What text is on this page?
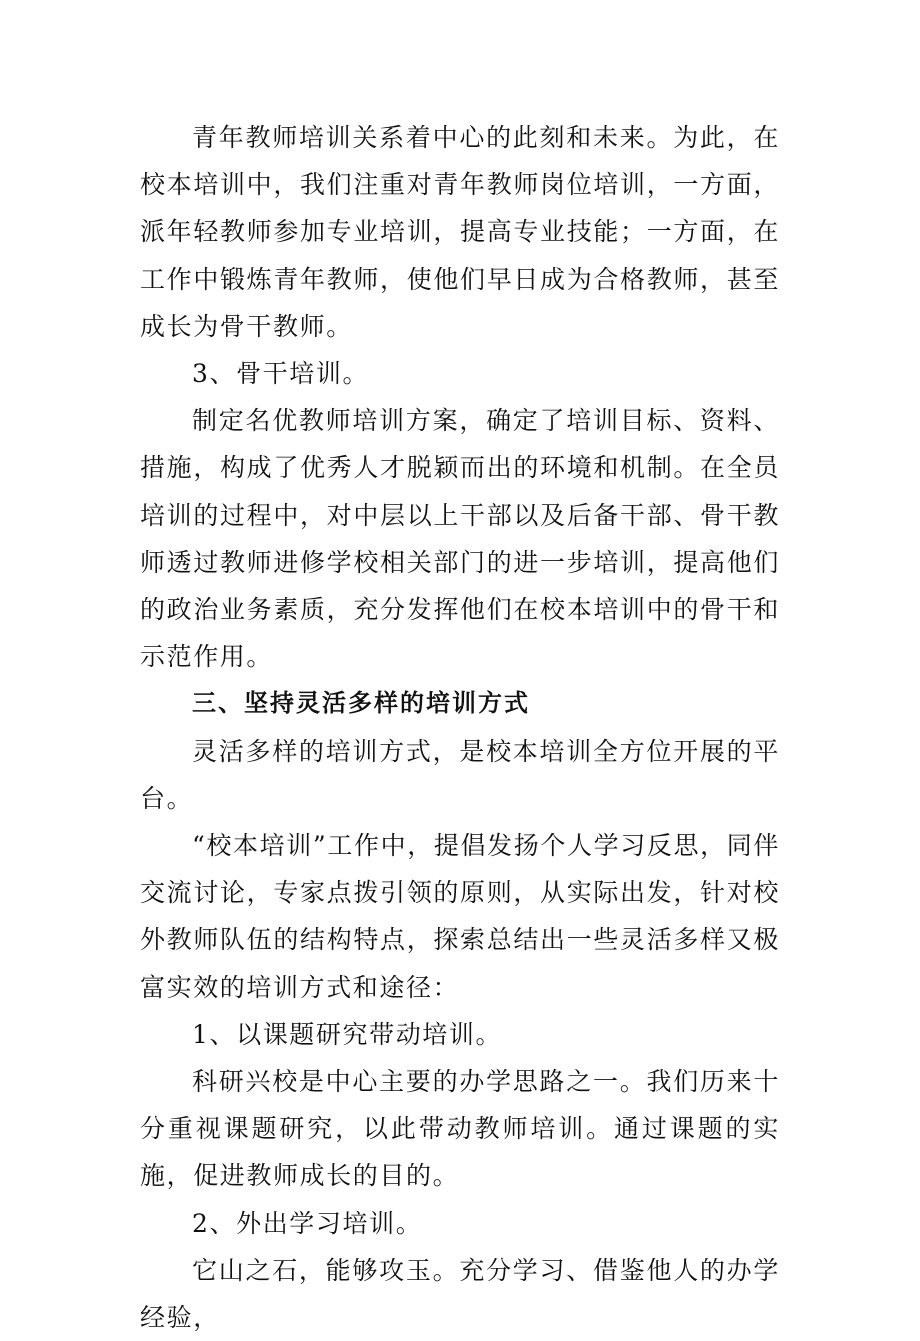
青年教师培训关系着中心的此刻和未来。为此，在校本培训中，我们注重对青年教师岗位培训，一方面，派年轻教师参加专业培训，提高专业技能；一方面，在工作中锻炼青年教师，使他们早日成为合格教师，甚至成长为骨干教师。

3、骨干培训。

制定名优教师培训方案，确定了培训目标、资料、措施，构成了优秀人才脱颖而出的环境和机制。在全员培训的过程中，对中层以上干部以及后备干部、骨干教师透过教师进修学校相关部门的进一步培训，提高他们的政治业务素质，充分发挥他们在校本培训中的骨干和示范作用。

三、坚持灵活多样的培训方式

灵活多样的培训方式，是校本培训全方位开展的平台。

“校本培训”工作中，提倡发扬个人学习反思，同伴交流讨论，专家点拨引领的原则，从实际出发，针对校外教师队伍的结构特点，探索总结出一些灵活多样又极富实效的培训方式和途径：

1、以课题研究带动培训。

科研兴校是中心主要的办学思路之一。我们历来十分重视课题研究，以此带动教师培训。通过课题的实施，促进教师成长的目的。

2、外出学习培训。

它山之石，能够攻玉。充分学习、借鉴他人的办学经验，
